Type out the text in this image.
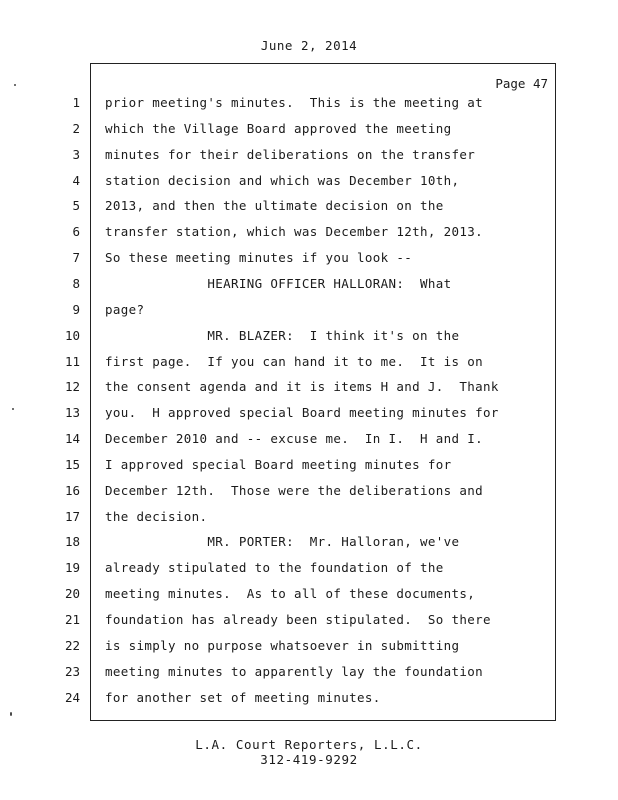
June 2, 2014
Page 47
1 prior meeting's minutes.  This is the meeting at
2 which the Village Board approved the meeting
3 minutes for their deliberations on the transfer
4 station decision and which was December 10th,
5 2013, and then the ultimate decision on the
6 transfer station, which was December 12th, 2013.
7 So these meeting minutes if you look --
8 HEARING OFFICER HALLORAN:  What
9 page?
10 MR. BLAZER:  I think it's on the
11 first page.  If you can hand it to me.  It is on
12 the consent agenda and it is items H and J.  Thank
13 you.  H approved special Board meeting minutes for
14 December 2010 and -- excuse me.  In I.  H and I.
15 I approved special Board meeting minutes for
16 December 12th.  Those were the deliberations and
17 the decision.
18 MR. PORTER:  Mr. Halloran, we've
19 already stipulated to the foundation of the
20 meeting minutes.  As to all of these documents,
21 foundation has already been stipulated.  So there
22 is simply no purpose whatsoever in submitting
23 meeting minutes to apparently lay the foundation
24 for another set of meeting minutes.
L.A. Court Reporters, L.L.C.
312-419-9292
